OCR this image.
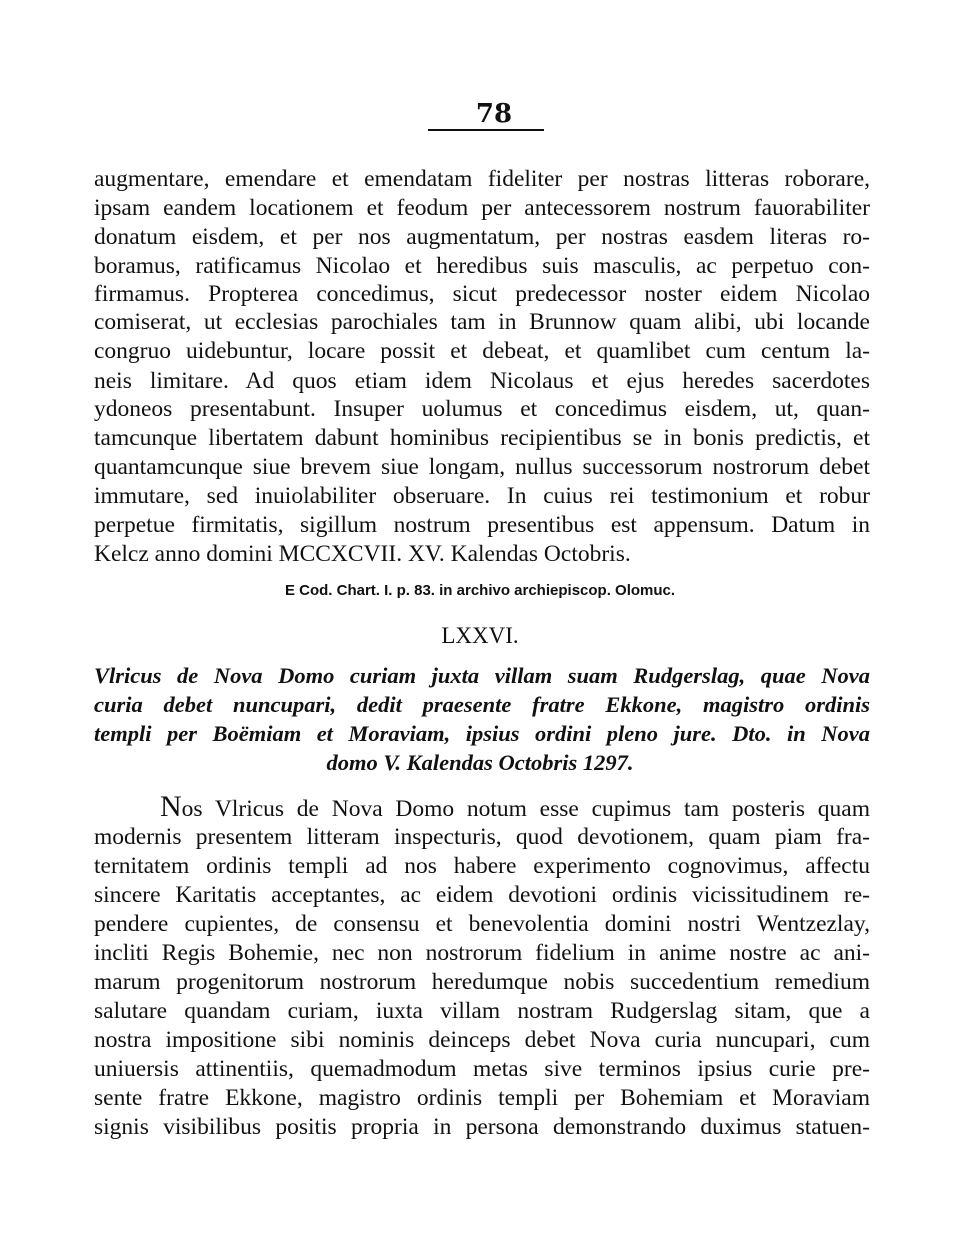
78
augmentare, emendare et emendatam fideliter per nostras litteras roborare,
ipsam eandem locationem et feodum per antecessorem nostrum fauorabiliter
donatum eisdem, et per nos augmentatum, per nostras easdem literas ro-
boramus, ratificamus Nicolao et heredibus suis masculis, ac perpetuo con-
firmamus. Propterea concedimus, sicut predecessor noster eidem Nicolao
comiserat, ut ecclesias parochiales tam in Brunnow quam alibi, ubi locande
congruo uidebuntur, locare possit et debeat, et quamlibet cum centum la-
neis limitare. Ad quos etiam idem Nicolaus et ejus heredes sacerdotes
ydoneos presentabunt. Insuper uolumus et concedimus eisdem, ut, quan-
tamcunque libertatem dabunt hominibus recipientibus se in bonis predictis, et
quantamcunque siue brevem siue longam, nullus successorum nostrorum debet
immutare, sed inuiolabiliter obseruare. In cuius rei testimonium et robur
perpetue firmitatis, sigillum nostrum presentibus est appensum. Datum in
Kelcz anno domini MCCXCVII. XV. Kalendas Octobris.
E Cod. Chart. I. p. 83. in archivo archiepiscop. Olomuc.
LXXVI.
Vlricus de Nova Domo curiam juxta villam suam Rudgerslag, quae Nova
curia debet nuncupari, dedit praesente fratre Ekkone, magistro ordinis
templi per Boëmiam et Moraviam, ipsius ordini pleno jure. Dto. in Nova
domo V. Kalendas Octobris 1297.
Nos Vlricus de Nova Domo notum esse cupimus tam posteris quam
modernis presentem litteram inspecturis, quod devotionem, quam piam fra-
ternitatem ordinis templi ad nos habere experimento cognovimus, affectu
sincere Karitatis acceptantes, ac eidem devotioni ordinis vicissitudinem re-
pendere cupientes, de consensu et benevolentia domini nostri Wentzezlay,
incliti Regis Bohemie, nec non nostrorum fidelium in anime nostre ac ani-
marum progenitorum nostrorum heredumque nobis succedentium remedium
salutare quandam curiam, iuxta villam nostram Rudgerslag sitam, que a
nostra impositione sibi nominis deinceps debet Nova curia nuncupari, cum
uniuersis attinentiis, quemadmodum metas sive terminos ipsius curie pre-
sente fratre Ekkone, magistro ordinis templi per Bohemiam et Moraviam
signis visibilibus positis propria in persona demonstrando duximus statuen-
